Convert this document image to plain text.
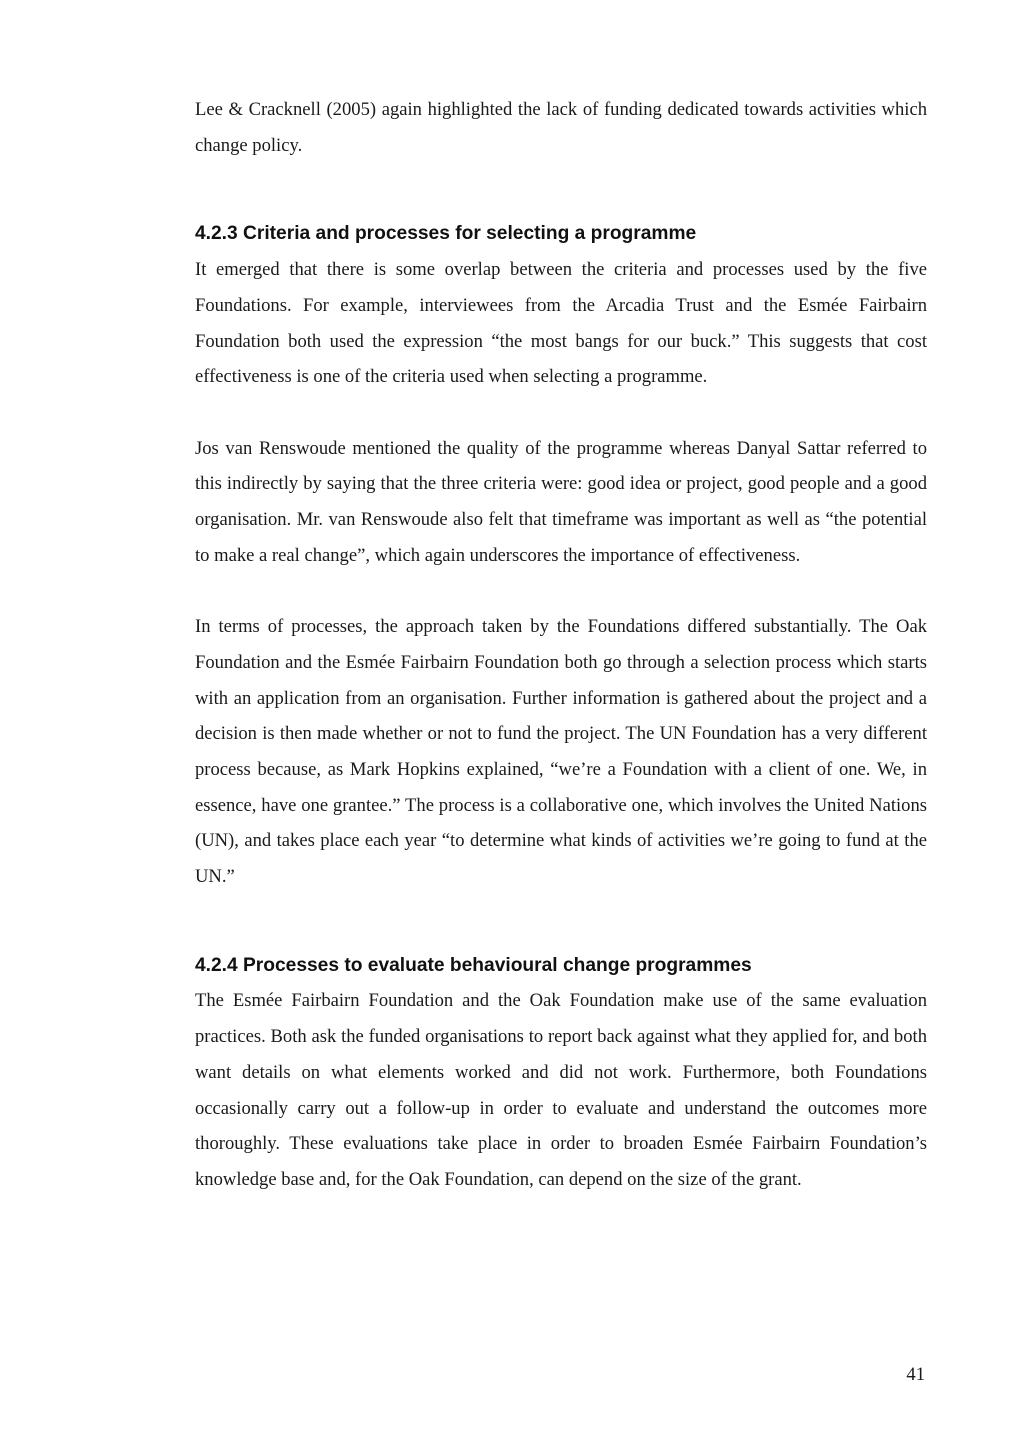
Lee & Cracknell (2005) again highlighted the lack of funding dedicated towards activities which change policy.

4.2.3 Criteria and processes for selecting a programme

It emerged that there is some overlap between the criteria and processes used by the five Foundations. For example, interviewees from the Arcadia Trust and the Esmée Fairbairn Foundation both used the expression “the most bangs for our buck.” This suggests that cost effectiveness is one of the criteria used when selecting a programme.

Jos van Renswoude mentioned the quality of the programme whereas Danyal Sattar referred to this indirectly by saying that the three criteria were: good idea or project, good people and a good organisation. Mr. van Renswoude also felt that timeframe was important as well as “the potential to make a real change”, which again underscores the importance of effectiveness.

In terms of processes, the approach taken by the Foundations differed substantially. The Oak Foundation and the Esmée Fairbairn Foundation both go through a selection process which starts with an application from an organisation. Further information is gathered about the project and a decision is then made whether or not to fund the project. The UN Foundation has a very different process because, as Mark Hopkins explained, “we’re a Foundation with a client of one. We, in essence, have one grantee.” The process is a collaborative one, which involves the United Nations (UN), and takes place each year “to determine what kinds of activities we’re going to fund at the UN.”

4.2.4 Processes to evaluate behavioural change programmes

The Esmée Fairbairn Foundation and the Oak Foundation make use of the same evaluation practices. Both ask the funded organisations to report back against what they applied for, and both want details on what elements worked and did not work. Furthermore, both Foundations occasionally carry out a follow-up in order to evaluate and understand the outcomes more thoroughly. These evaluations take place in order to broaden Esmée Fairbairn Foundation’s knowledge base and, for the Oak Foundation, can depend on the size of the grant.

41
